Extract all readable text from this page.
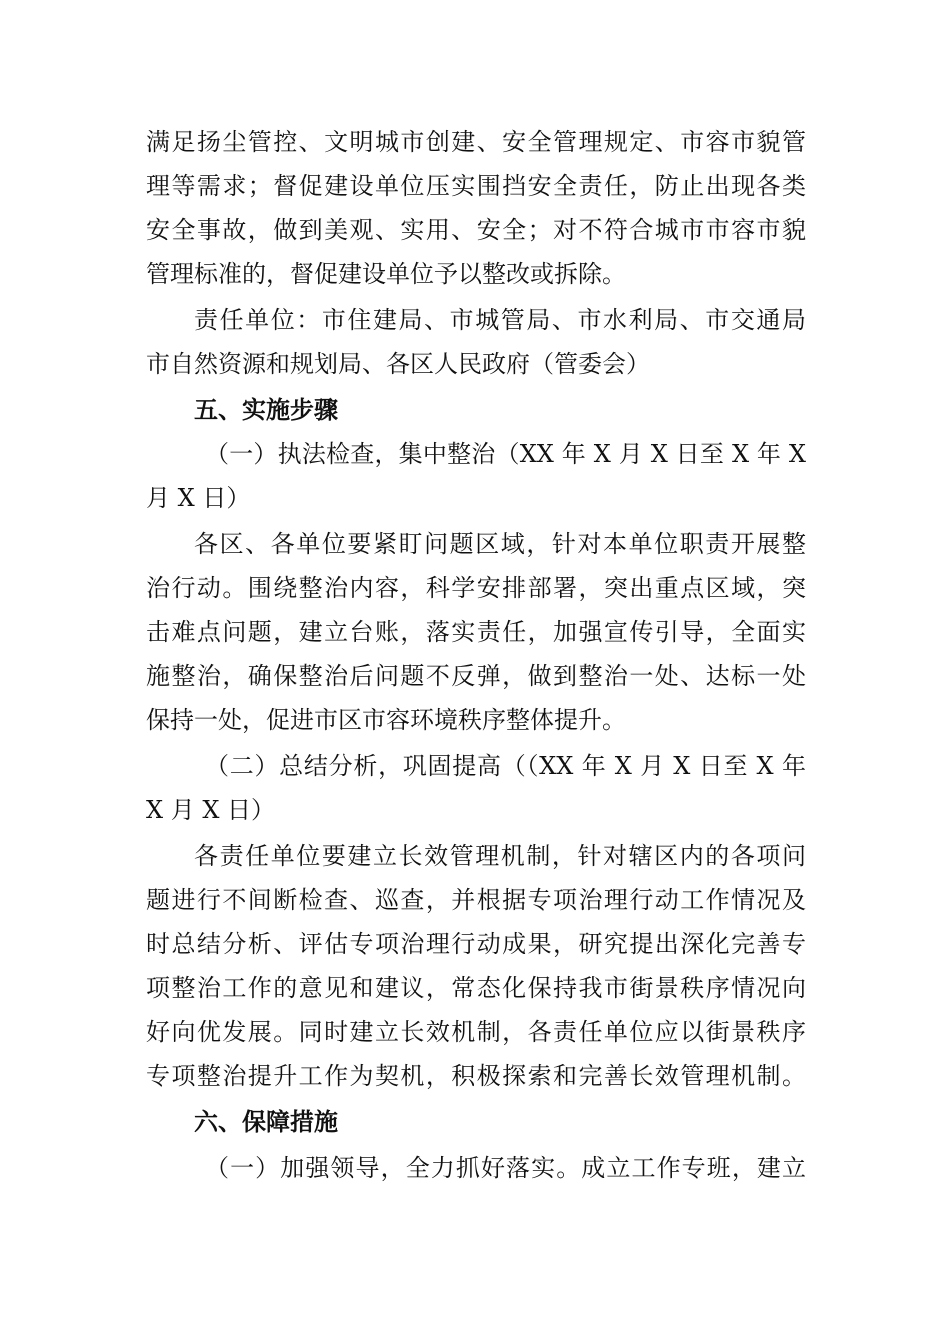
满足扬尘管控、文明城市创建、安全管理规定、市容市貌管
理等需求；督促建设单位压实围挡安全责任，防止出现各类
安全事故，做到美观、实用、安全；对不符合城市市容市貌
管理标准的，督促建设单位予以整改或拆除。
责任单位：市住建局、市城管局、市水利局、市交通局
市自然资源和规划局、各区人民政府（管委会）
五、实施步骤
（一）执法检查，集中整治（XX 年 X 月 X 日至 X 年 X
月 X 日）
各区、各单位要紧盯问题区域，针对本单位职责开展整
治行动。围绕整治内容，科学安排部署，突出重点区域，突
击难点问题，建立台账，落实责任，加强宣传引导，全面实
施整治，确保整治后问题不反弹，做到整治一处、达标一处
保持一处，促进市区市容环境秩序整体提升。
（二）总结分析，巩固提高（（XX 年 X 月 X 日至 X 年
X 月 X 日）
各责任单位要建立长效管理机制，针对辖区内的各项问
题进行不间断检查、巡查，并根据专项治理行动工作情况及
时总结分析、评估专项治理行动成果，研究提出深化完善专
项整治工作的意见和建议，常态化保持我市街景秩序情况向
好向优发展。同时建立长效机制，各责任单位应以街景秩序
专项整治提升工作为契机，积极探索和完善长效管理机制。
六、保障措施
（一）加强领导，全力抓好落实。成立工作专班，建立
